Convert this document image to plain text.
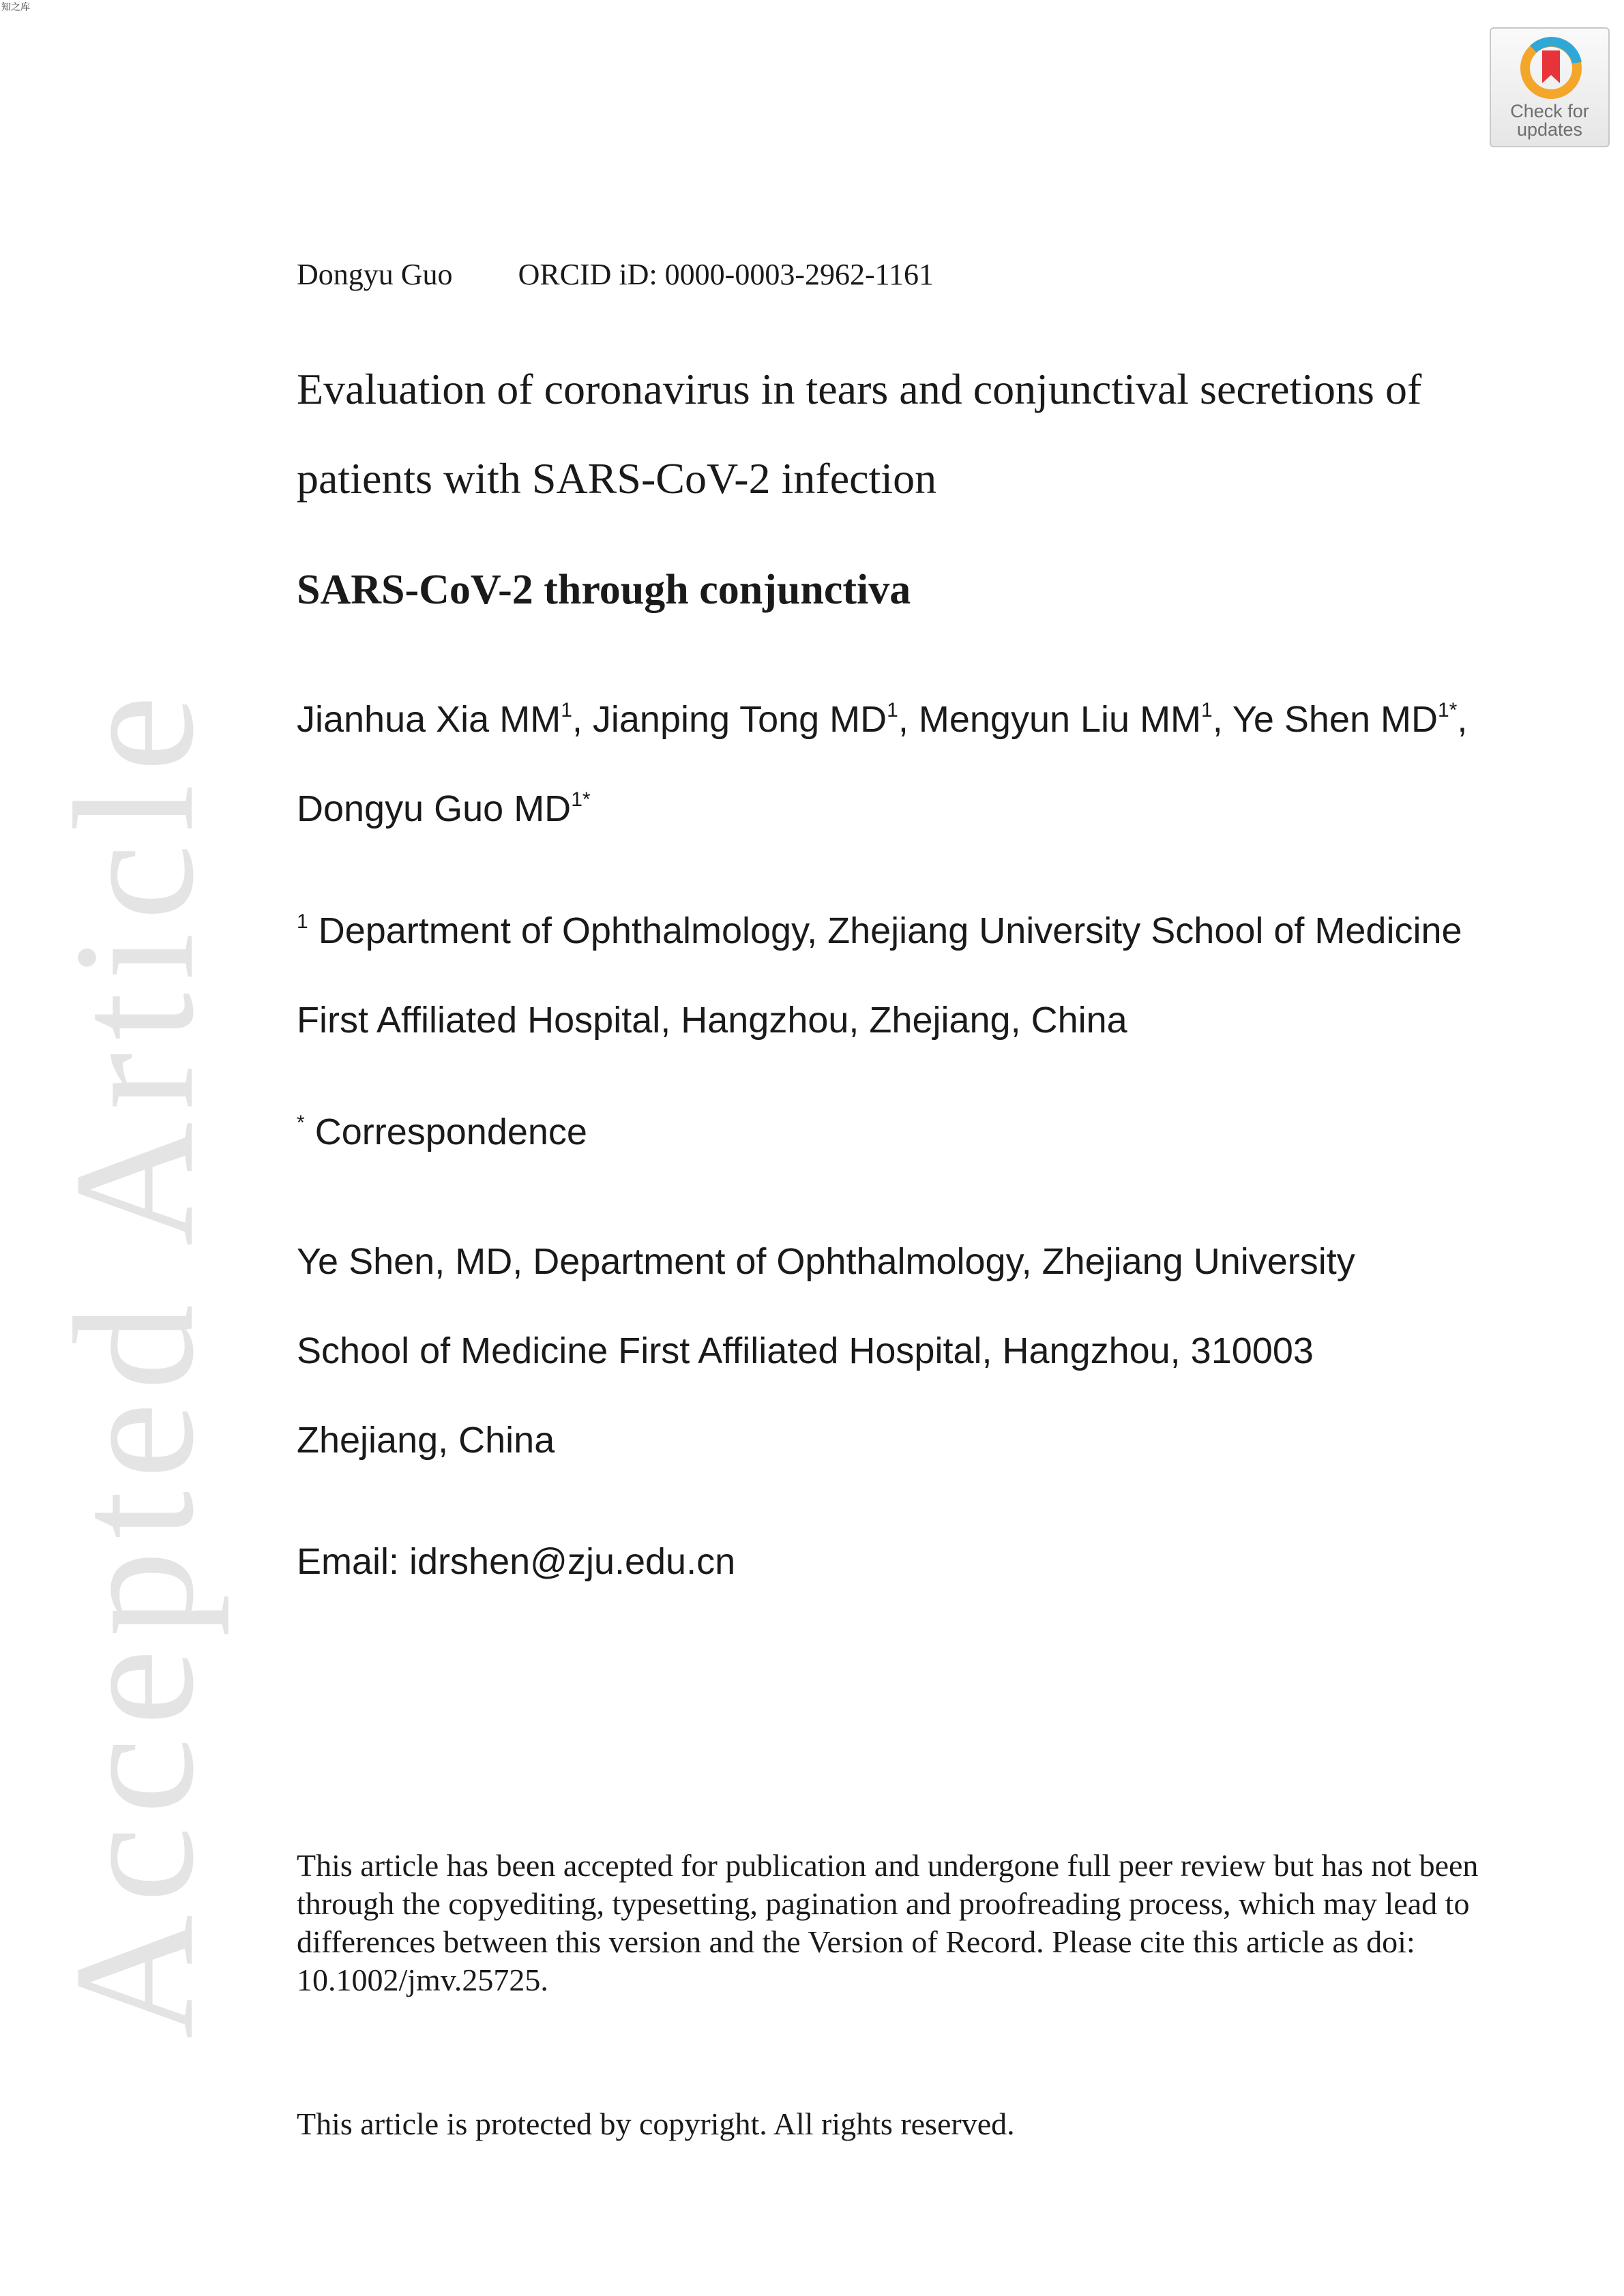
知之库
Check for
updates
Accepted Article
Dongyu Guo ORCID iD: 0000-0003-2962-1161
Evaluation of coronavirus in tears and conjunctival secretions of patients with SARS-CoV-2 infection
SARS-CoV-2 through conjunctiva
Jianhua Xia $MM^1$, Jianping Tong $MD^1$, Mengyun Liu $MM^1$, Ye Shen $MD^{1*}$, Dongyu Guo $MD^{1*}$
$^1$ Department of Ophthalmology, Zhejiang University School of Medicine First Affiliated Hospital, Hangzhou, Zhejiang, China
* Correspondence
Ye Shen, MD, Department of Ophthalmology, Zhejiang University School of Medicine First Affiliated Hospital, Hangzhou, 310003 Zhejiang, China
Email: idrshen@zju.edu.cn
This article has been accepted for publication and undergone full peer review but has not been through the copyediting, typesetting, pagination and proofreading process, which may lead to differences between this version and the Version of Record. Please cite this article as doi: 10.1002/jmv.25725.
This article is protected by copyright. All rights reserved.
